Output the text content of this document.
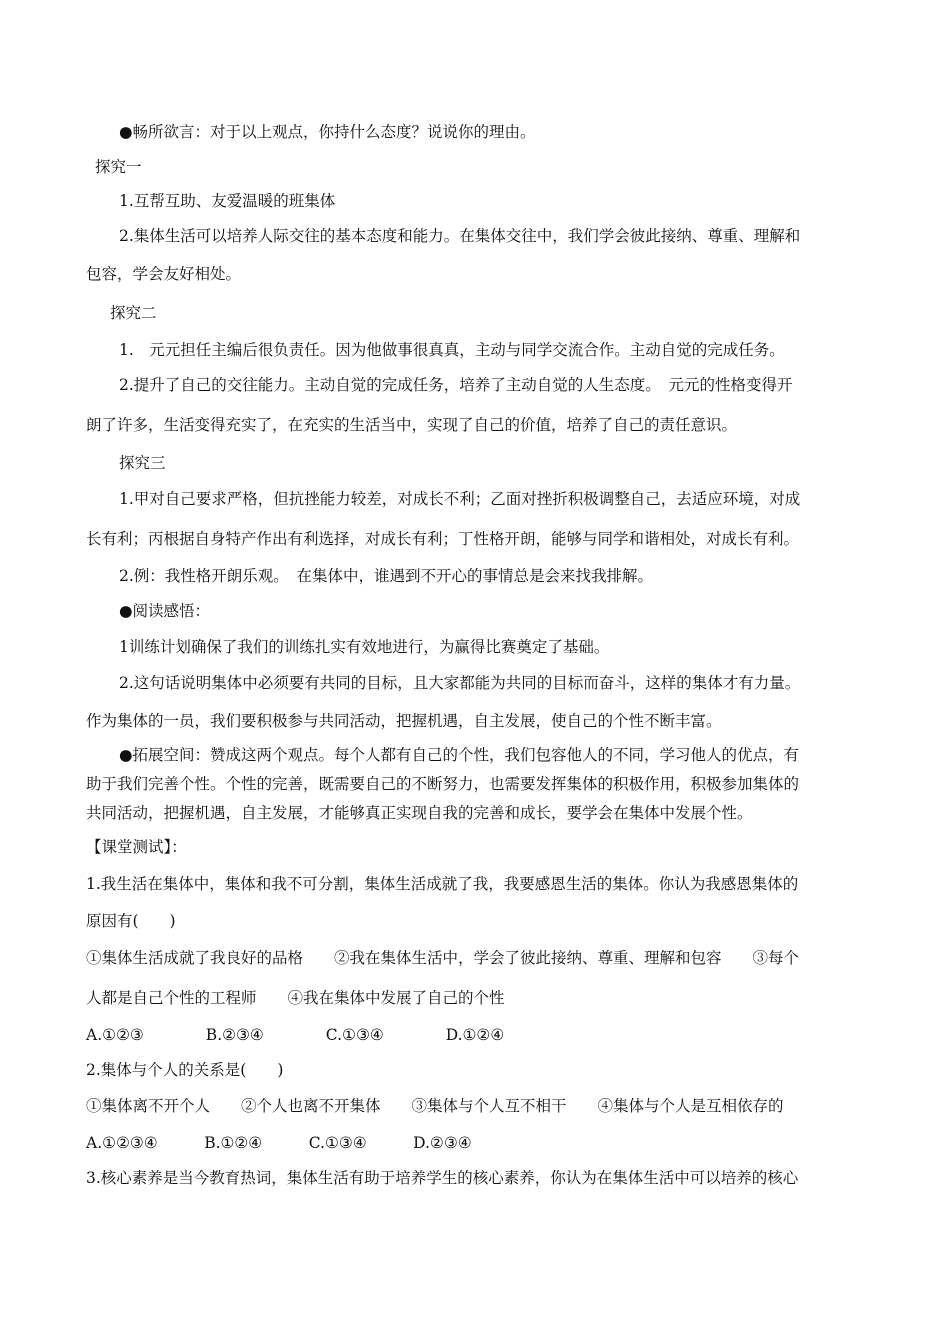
●畅所欲言：对于以上观点，你持什么态度？说说你的理由。
探究一
1.互帮互助、友爱温暖的班集体
2.集体生活可以培养人际交往的基本态度和能力。在集体交往中，我们学会彼此接纳、尊重、理解和
包容，学会友好相处。
探究二
1.　元元担任主编后很负责任。因为他做事很真真，主动与同学交流合作。主动自觉的完成任务。
2.提升了自己的交往能力。主动自觉的完成任务，培养了主动自觉的人生态度。　元元的性格变得开
朗了许多，生活变得充实了，在充实的生活当中，实现了自己的价值，培养了自己的责任意识。
探究三
1.甲对自己要求严格，但抗挫能力较差，对成长不利；乙面对挫折积极调整自己，去适应环境，对成
长有利；丙根据自身特产作出有利选择，对成长有利；丁性格开朗，能够与同学和谐相处，对成长有利。
2.例：我性格开朗乐观。　在集体中，谁遇到不开心的事情总是会来找我排解。
●阅读感悟：
1训练计划确保了我们的训练扎实有效地进行，为赢得比赛奠定了基础。
2.这句话说明集体中必须要有共同的目标，且大家都能为共同的目标而奋斗，这样的集体才有力量。
作为集体的一员，我们要积极参与共同活动，把握机遇，自主发展，使自己的个性不断丰富。
●拓展空间：赞成这两个观点。每个人都有自己的个性，我们包容他人的不同，学习他人的优点，有
助于我们完善个性。个性的完善，既需要自己的不断努力，也需要发挥集体的积极作用，积极参加集体的
共同活动，把握机遇，自主发展，才能够真正实现自我的完善和成长，要学会在集体中发展个性。
【课堂测试】：
1.我生活在集体中，集体和我不可分割，集体生活成就了我，我要感恩生活的集体。你认为我感恩集体的
原因有(　　)
①集体生活成就了我良好的品格　　②我在集体生活中，学会了彼此接纳、尊重、理解和包容　　③每个
人都是自己个性的工程师　　④我在集体中发展了自己的个性
A.①②③　　　　B.②③④　　　　C.①③④　　　　D.①②④
2.集体与个人的关系是(　　)
①集体离不开个人　　②个人也离不开集体　　③集体与个人互不相干　　④集体与个人是互相依存的
A.①②③④　　　B.①②④　　　C.①③④　　　D.②③④
3.核心素养是当今教育热词，集体生活有助于培养学生的核心素养，你认为在集体生活中可以培养的核心
